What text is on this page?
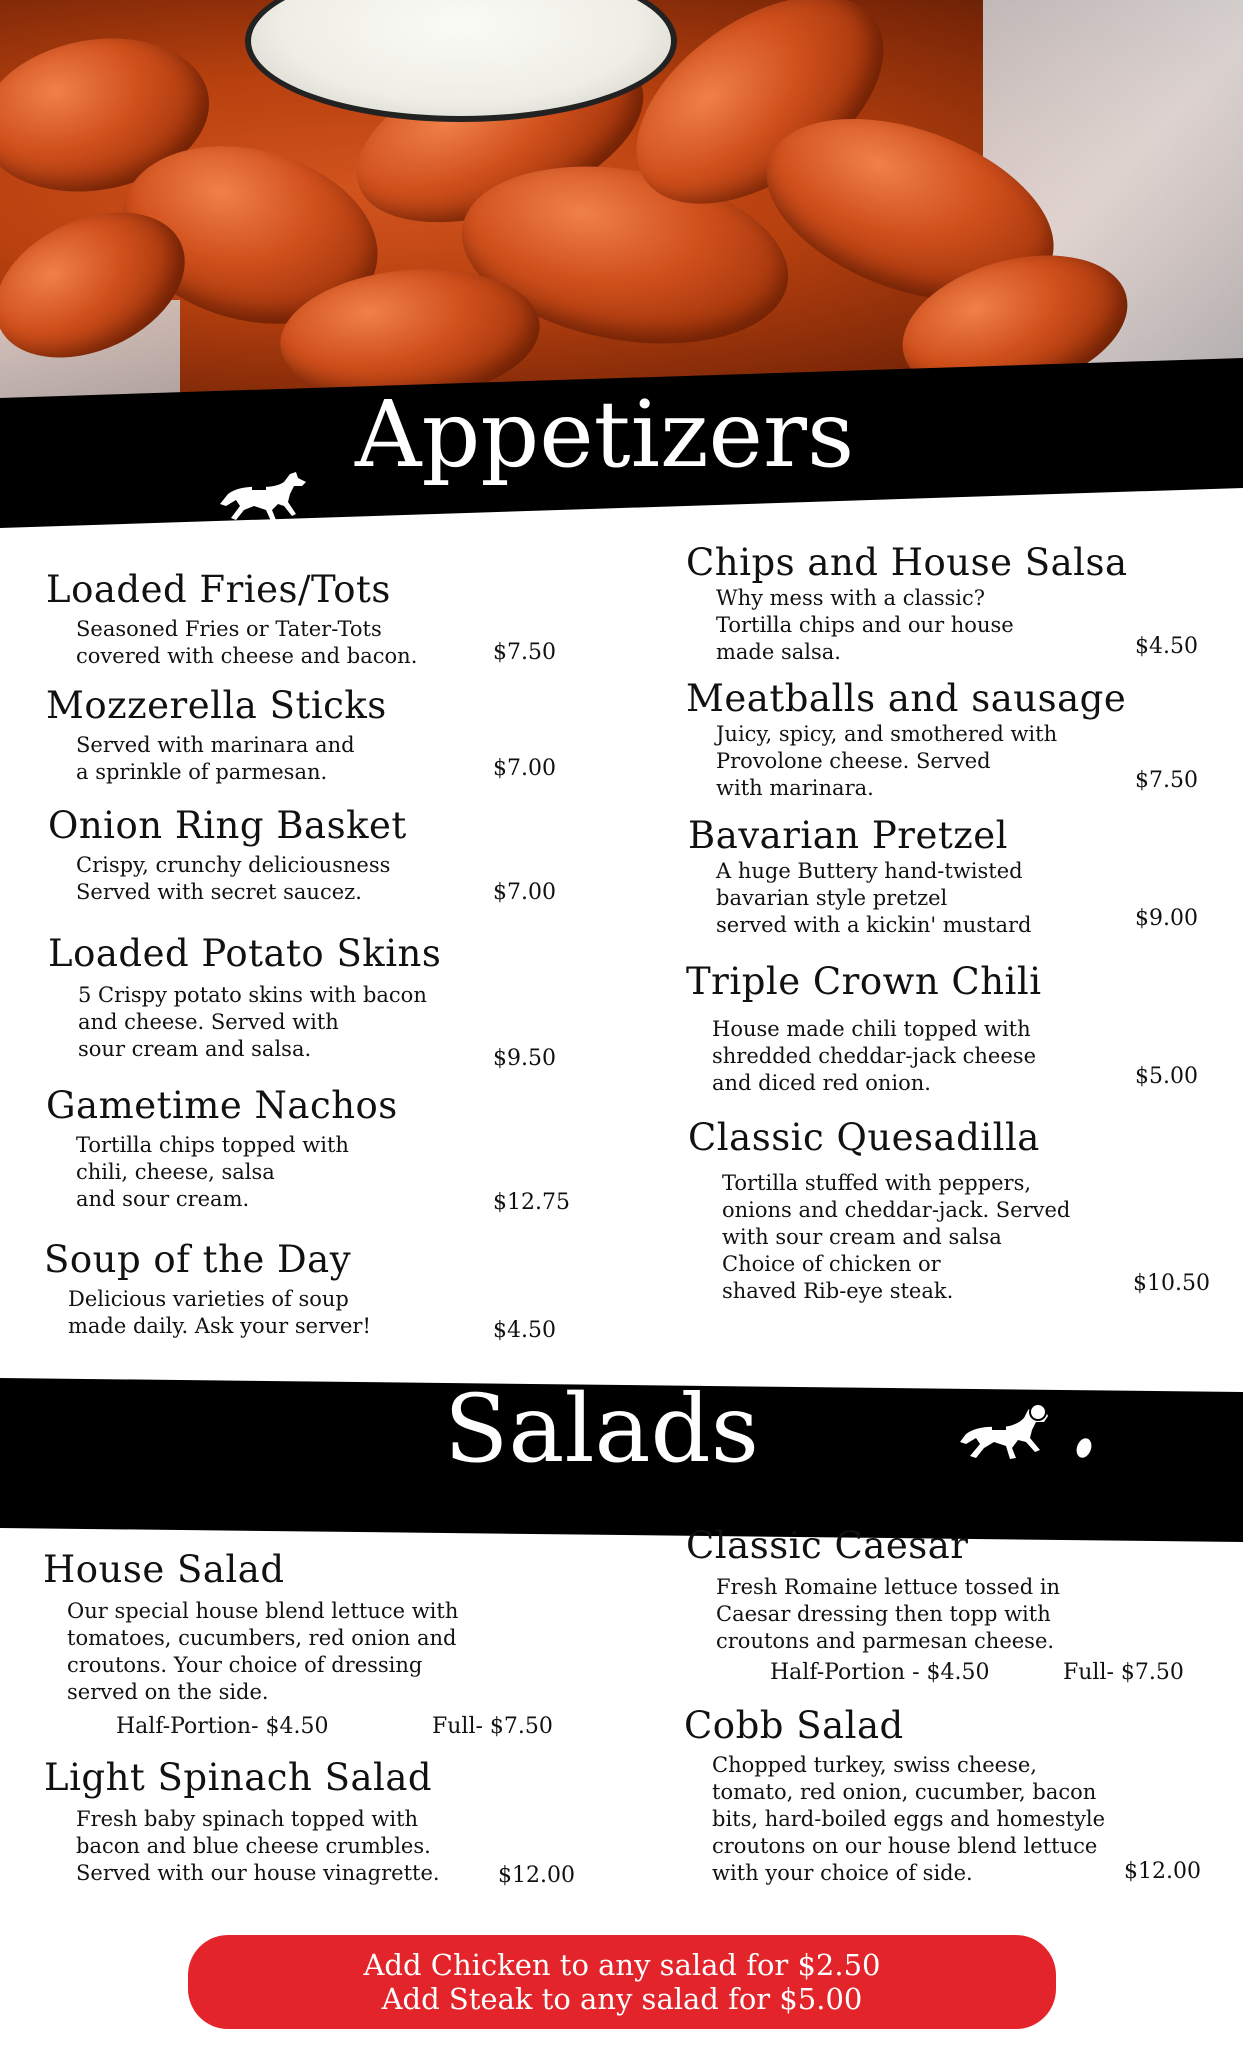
Appetizers
Loaded Fries/Tots
Seasoned Fries or Tater-Tots
covered with cheese and bacon.	$7.50
Mozzerella Sticks
Served with marinara and
a sprinkle of parmesan.	$7.00
Onion Ring Basket
Crispy, crunchy deliciousness
Served with secret saucez.	$7.00
Loaded Potato Skins
5 Crispy potato skins with bacon
and cheese. Served with
sour cream and salsa.	$9.50
Gametime Nachos
Tortilla chips topped with
chili, cheese, salsa
and sour cream.	$12.75
Soup of the Day
Delicious varieties of soup
made daily. Ask your server!	$4.50
Chips and House Salsa
Why mess with a classic?
Tortilla chips and our house
made salsa.	$4.50
Meatballs and sausage
Juicy, spicy, and smothered with
Provolone cheese. Served
with marinara.	$7.50
Bavarian Pretzel
A huge Buttery hand-twisted
bavarian style pretzel
served with a kickin' mustard	$9.00
Triple Crown Chili
House made chili topped with
shredded cheddar-jack cheese
and diced red onion.	$5.00
Classic Quesadilla
Tortilla stuffed with peppers,
onions and cheddar-jack. Served
with sour cream and salsa
Choice of chicken or
shaved Rib-eye steak.	$10.50
Salads
House Salad
Our special house blend lettuce with
tomatoes, cucumbers, red onion and
croutons. Your choice of dressing
served on the side.
Half-Portion- $4.50	Full- $7.50
Light Spinach Salad
Fresh baby spinach topped with
bacon and blue cheese crumbles.
Served with our house vinagrette.	$12.00
Classic Caesar
Fresh Romaine lettuce tossed in
Caesar dressing then topp with
croutons and parmesan cheese.
Half-Portion - $4.50	Full- $7.50
Cobb Salad
Chopped turkey, swiss cheese,
tomato, red onion, cucumber, bacon
bits, hard-boiled eggs and homestyle
croutons on our house blend lettuce
with your choice of side.	$12.00
Add Chicken to any salad for $2.50
Add Steak to any salad for $5.00
